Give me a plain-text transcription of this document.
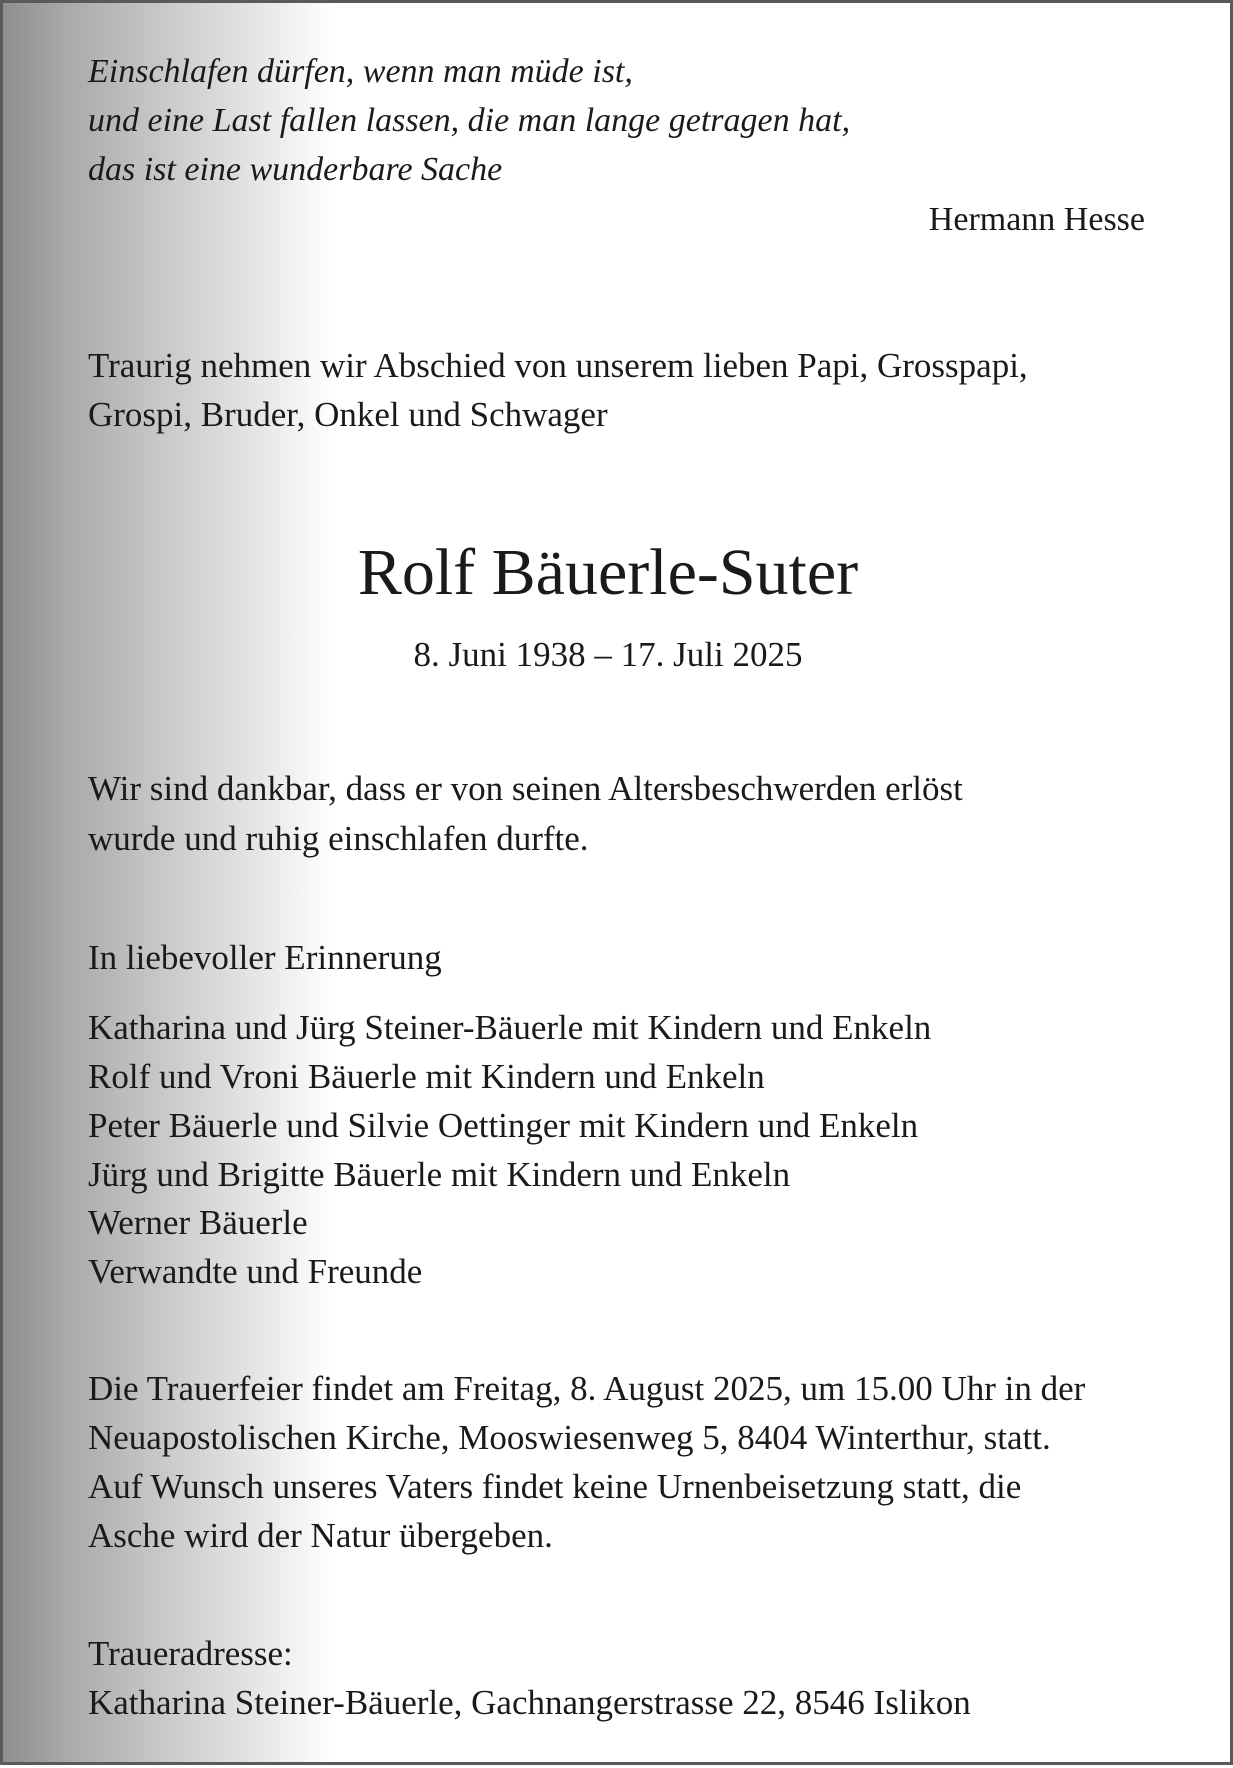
Einschlafen dürfen, wenn man müde ist,
und eine Last fallen lassen, die man lange getragen hat,
das ist eine wunderbare Sache
Hermann Hesse
Traurig nehmen wir Abschied von unserem lieben Papi, Grosspapi,
Grospi, Bruder, Onkel und Schwager
Rolf Bäuerle-Suter
8. Juni 1938 – 17. Juli 2025
Wir sind dankbar, dass er von seinen Altersbeschwerden erlöst
wurde und ruhig einschlafen durfte.
In liebevoller Erinnerung
Katharina und Jürg Steiner-Bäuerle mit Kindern und Enkeln
Rolf und Vroni Bäuerle mit Kindern und Enkeln
Peter Bäuerle und Silvie Oettinger mit Kindern und Enkeln
Jürg und Brigitte Bäuerle mit Kindern und Enkeln
Werner Bäuerle
Verwandte und Freunde
Die Trauerfeier findet am Freitag, 8. August 2025, um 15.00 Uhr in der
Neuapostolischen Kirche, Mooswiesenweg 5, 8404 Winterthur, statt.
Auf Wunsch unseres Vaters findet keine Urnenbeisetzung statt, die
Asche wird der Natur übergeben.
Traueradresse:
Katharina Steiner-Bäuerle, Gachnangerstrasse 22, 8546 Islikon
